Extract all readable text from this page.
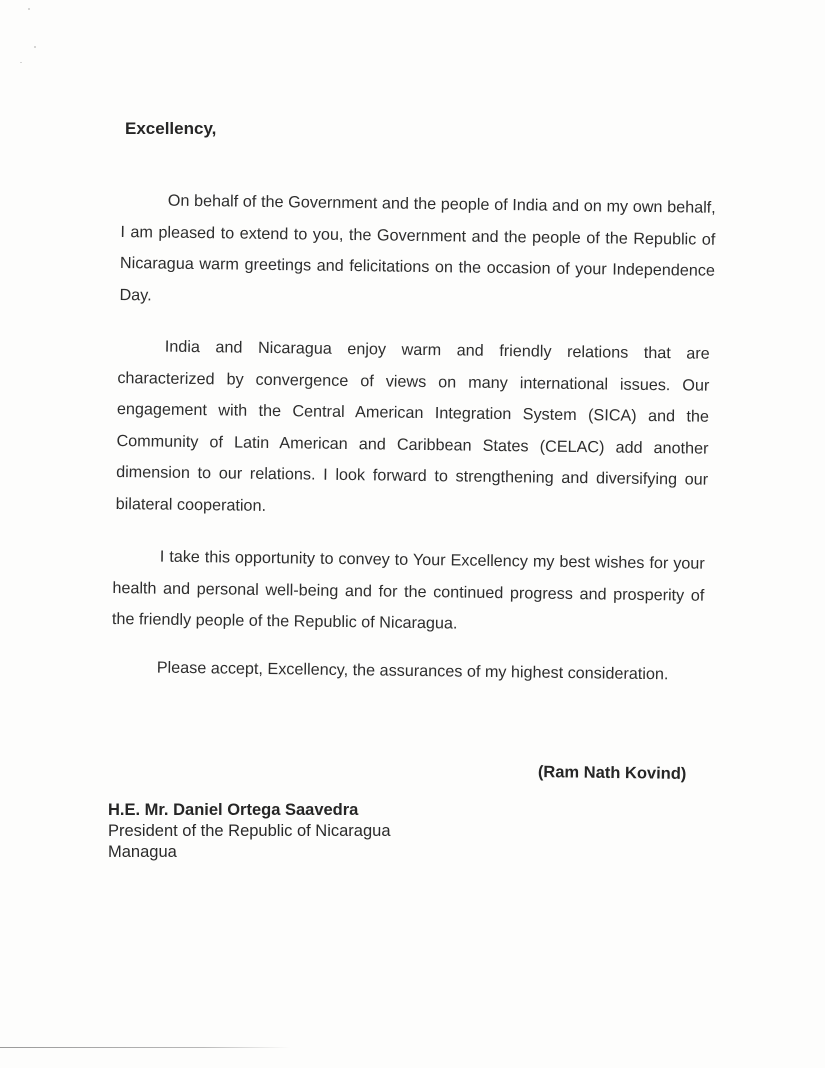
Excellency,
On behalf of the Government and the people of India and on my own behalf, I am pleased to extend to you, the Government and the people of the Republic of Nicaragua warm greetings and felicitations on the occasion of your Independence Day.
India and Nicaragua enjoy warm and friendly relations that are characterized by convergence of views on many international issues. Our engagement with the Central American Integration System (SICA) and the Community of Latin American and Caribbean States (CELAC) add another dimension to our relations. I look forward to strengthening and diversifying our bilateral cooperation.
I take this opportunity to convey to Your Excellency my best wishes for your health and personal well-being and for the continued progress and prosperity of the friendly people of the Republic of Nicaragua.
Please accept, Excellency, the assurances of my highest consideration.
(Ram Nath Kovind)
H.E. Mr. Daniel Ortega Saavedra
President of the Republic of Nicaragua
Managua
